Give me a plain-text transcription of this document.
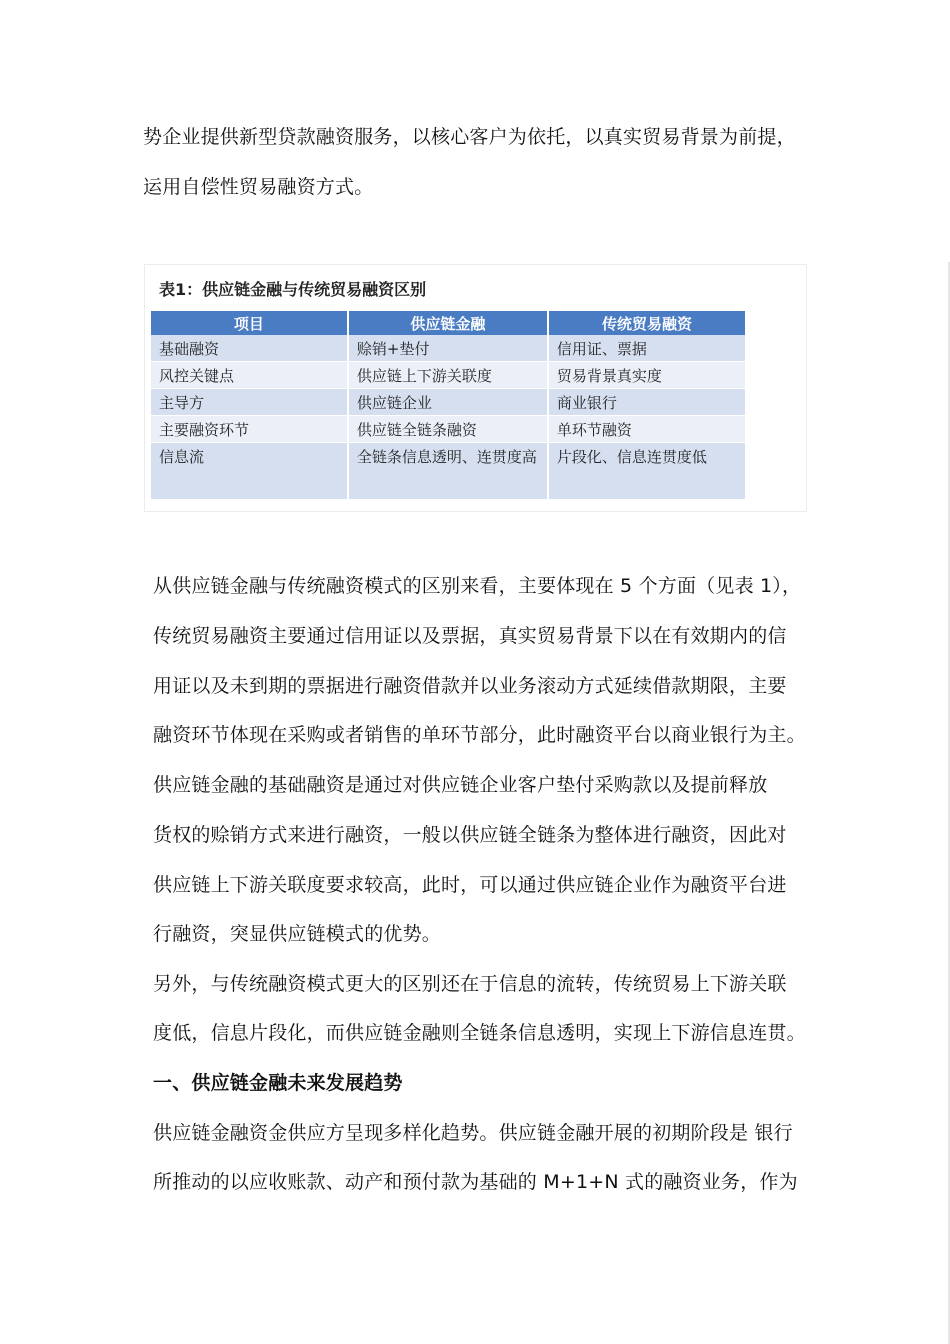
势企业提供新型贷款融资服务，以核心客户为依托，以真实贸易背景为前提，
运用自偿性贸易融资方式。
表1：供应链金融与传统贸易融资区别
项目	供应链金融	传统贸易融资
基础融资	赊销+垫付	信用证、票据
风控关键点	供应链上下游关联度	贸易背景真实度
主导方	供应链企业	商业银行
主要融资环节	供应链全链条融资	单环节融资
信息流	全链条信息透明、连贯度高	片段化、信息连贯度低
从供应链金融与传统融资模式的区别来看，主要体现在 5 个方面（见表 1），
传统贸易融资主要通过信用证以及票据，真实贸易背景下以在有效期内的信
用证以及未到期的票据进行融资借款并以业务滚动方式延续借款期限，主要
融资环节体现在采购或者销售的单环节部分，此时融资平台以商业银行为主。
供应链金融的基础融资是通过对供应链企业客户垫付采购款以及提前释放
货权的赊销方式来进行融资，一般以供应链全链条为整体进行融资，因此对
供应链上下游关联度要求较高，此时，可以通过供应链企业作为融资平台进
行融资，突显供应链模式的优势。
另外，与传统融资模式更大的区别还在于信息的流转，传统贸易上下游关联
度低，信息片段化，而供应链金融则全链条信息透明，实现上下游信息连贯。
一、供应链金融未来发展趋势
供应链金融资金供应方呈现多样化趋势。供应链金融开展的初期阶段是 银行
所推动的以应收账款、动产和预付款为基础的 M+1+N 式的融资业务，作为
